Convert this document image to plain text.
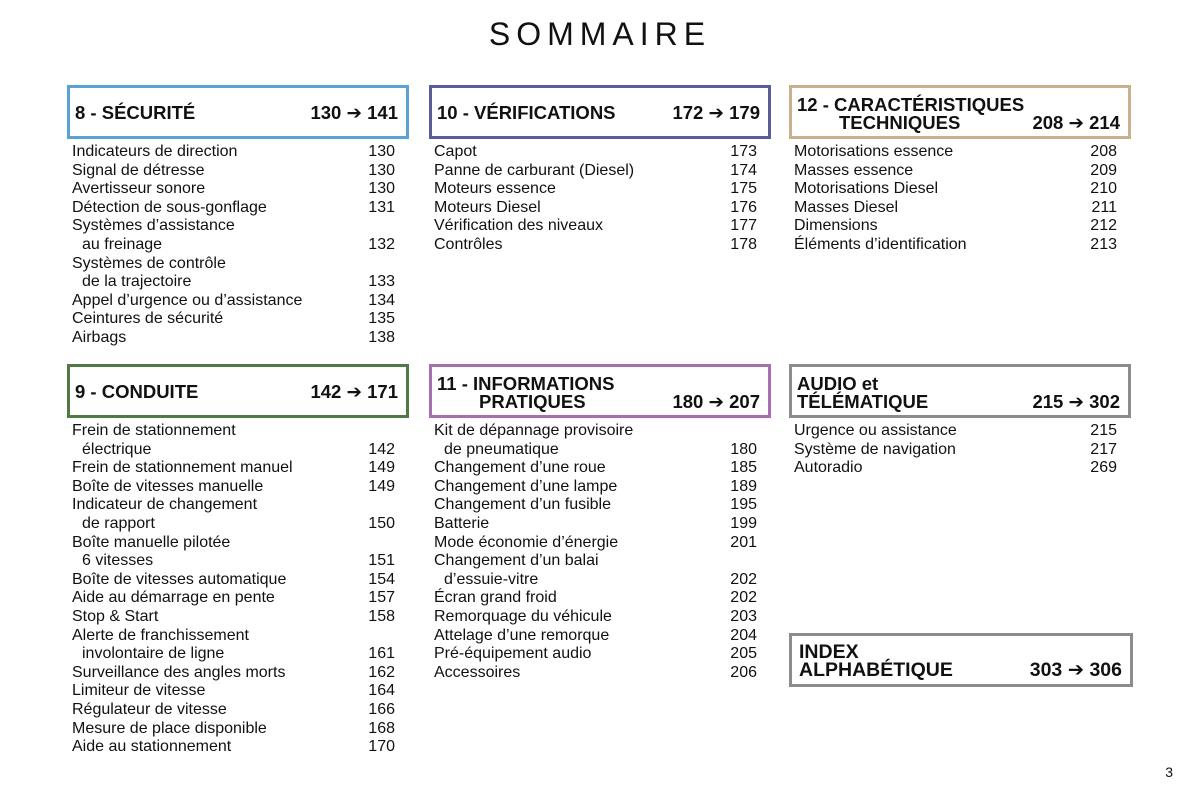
SOMMAIRE
8 - SÉCURITÉ	130 ➔ 141
Indicateurs de direction	130
Signal de détresse	130
Avertisseur sonore	130
Détection de sous-gonflage	131
Systèmes d’assistance
au freinage	132
Systèmes de contrôle
de la trajectoire	133
Appel d’urgence ou d’assistance	134
Ceintures de sécurité	135
Airbags	138
10 - VÉRIFICATIONS	172 ➔ 179
Capot	173
Panne de carburant (Diesel)	174
Moteurs essence	175
Moteurs Diesel	176
Vérification des niveaux	177
Contrôles	178
12 - CARACTÉRISTIQUES
TECHNIQUES	208 ➔ 214
Motorisations essence	208
Masses essence	209
Motorisations Diesel	210
Masses Diesel	211
Dimensions	212
Éléments d’identification	213
9 - CONDUITE	142 ➔ 171
Frein de stationnement
électrique	142
Frein de stationnement manuel	149
Boîte de vitesses manuelle	149
Indicateur de changement
de rapport	150
Boîte manuelle pilotée
6 vitesses	151
Boîte de vitesses automatique	154
Aide au démarrage en pente	157
Stop & Start	158
Alerte de franchissement
involontaire de ligne	161
Surveillance des angles morts	162
Limiteur de vitesse	164
Régulateur de vitesse	166
Mesure de place disponible	168
Aide au stationnement	170
11 - INFORMATIONS
PRATIQUES	180 ➔ 207
Kit de dépannage provisoire
de pneumatique	180
Changement d’une roue	185
Changement d’une lampe	189
Changement d’un fusible	195
Batterie	199
Mode économie d’énergie	201
Changement d’un balai
d’essuie-vitre	202
Écran grand froid	202
Remorquage du véhicule	203
Attelage d’une remorque	204
Pré-équipement audio	205
Accessoires	206
AUDIO et
TÉLÉMATIQUE	215 ➔ 302
Urgence ou assistance	215
Système de navigation	217
Autoradio	269
INDEX
ALPHABÉTIQUE	303 ➔ 306
3
